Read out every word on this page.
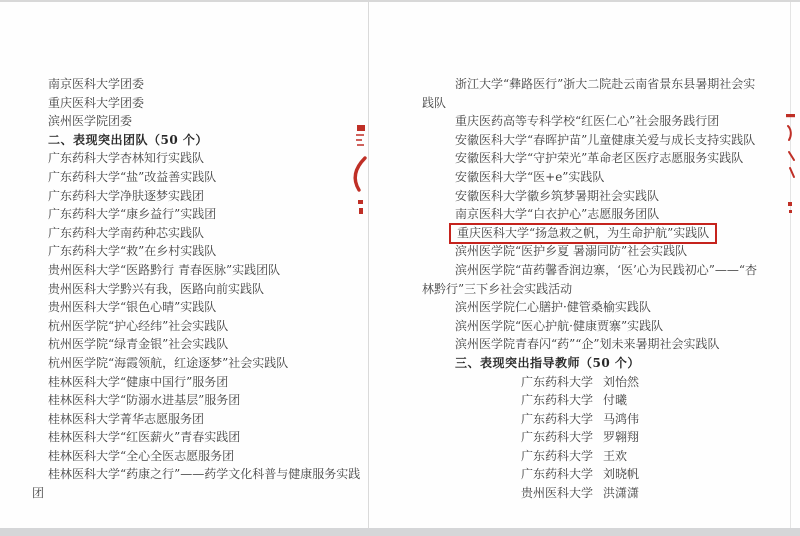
南京医科大学团委

重庆医科大学团委

滨州医学院团委

二、表现突出团队（50 个）

广东药科大学杏林知行实践队

广东药科大学“盐”改益善实践队

广东药科大学净肤逐梦实践团

广东药科大学“康乡益行”实践团

广东药科大学南药种芯实践队

广东药科大学“救”在乡村实践队

贵州医科大学“医路黔行 青春医脉”实践团队

贵州医科大学黔兴有我，医路向前实践队

贵州医科大学“银色心晴”实践队

杭州医学院“护心经纬”社会实践队

杭州医学院“绿青金银”社会实践队

杭州医学院“海霞领航，红途逐梦”社会实践队

桂林医科大学“健康中国行”服务团

桂林医科大学“防溺水进基层”服务团

桂林医科大学菁华志愿服务团

桂林医科大学“红医薪火”青春实践团

桂林医科大学“全心全医志愿服务团

桂林医科大学“药康之行”——药学文化科普与健康服务实践团

浙江大学“彝路医行”浙大二院赴云南省景东县暑期社会实践队

重庆医药高等专科学校“红医仁心”社会服务践行团

安徽医科大学“春晖护苗”儿童健康关爱与成长支持实践队

安徽医科大学“守护荣光”革命老区医疗志愿服务实践队

安徽医科大学“医+e”实践队

安徽医科大学徽乡筑梦暑期社会实践队

南京医科大学“白衣护心”志愿服务团队

重庆医科大学“扬急救之帆，为生命护航”实践队

滨州医学院“医护乡夏 暑溺同防”社会实践队

滨州医学院“苗药馨香润边寨，‘医’心为民践初心”——“杏林黔行”三下乡社会实践活动

滨州医学院仁心膳护·健管桑榆实践队

滨州医学院“医心护航·健康贾寨”实践队

滨州医学院青春闪“药”“企”划未来暑期社会实践队

三、表现突出指导教师（50 个）

广东药科大学 刘怡然

广东药科大学 付曦

广东药科大学 马鸿伟

广东药科大学 罗翱翔

广东药科大学 王欢

广东药科大学 刘晓帆

贵州医科大学 洪潇潇
